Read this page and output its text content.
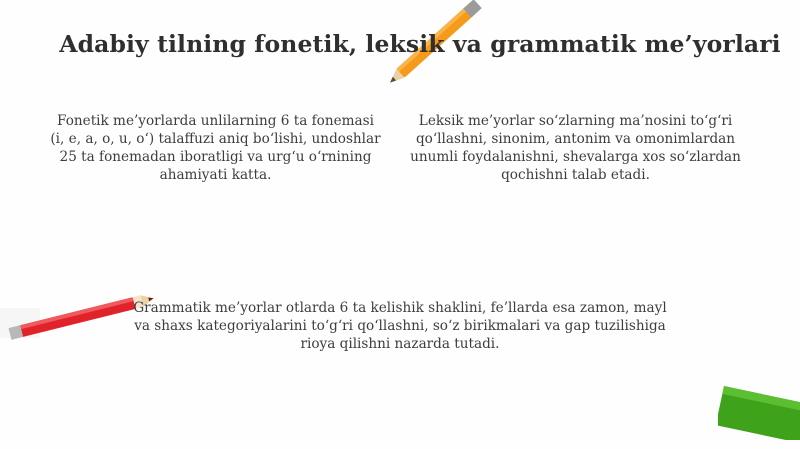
Adabiy tilning fonetik, leksik va grammatik me’yorlari

Fonetik me’yorlarda unlilarning 6 ta fonemasi (i, e, a, o, u, o‘) talaffuzi aniq bo‘lishi, undoshlar 25 ta fonemadan iboratligi va urg‘u o‘rnining ahamiyati katta.

Leksik me’yorlar so‘zlarning ma’nosini to‘g‘ri qo‘llashni, sinonim, antonim va omonimlardan unumli foydalanishni, shevalarga xos so‘zlardan qochishni talab etadi.

Grammatik me’yorlar otlarda 6 ta kelishik shaklini, fe’llarda esa zamon, mayl va shaxs kategoriyalarini to‘g‘ri qo‘llashni, so‘z birikmalari va gap tuzilishiga rioya qilishni nazarda tutadi.
